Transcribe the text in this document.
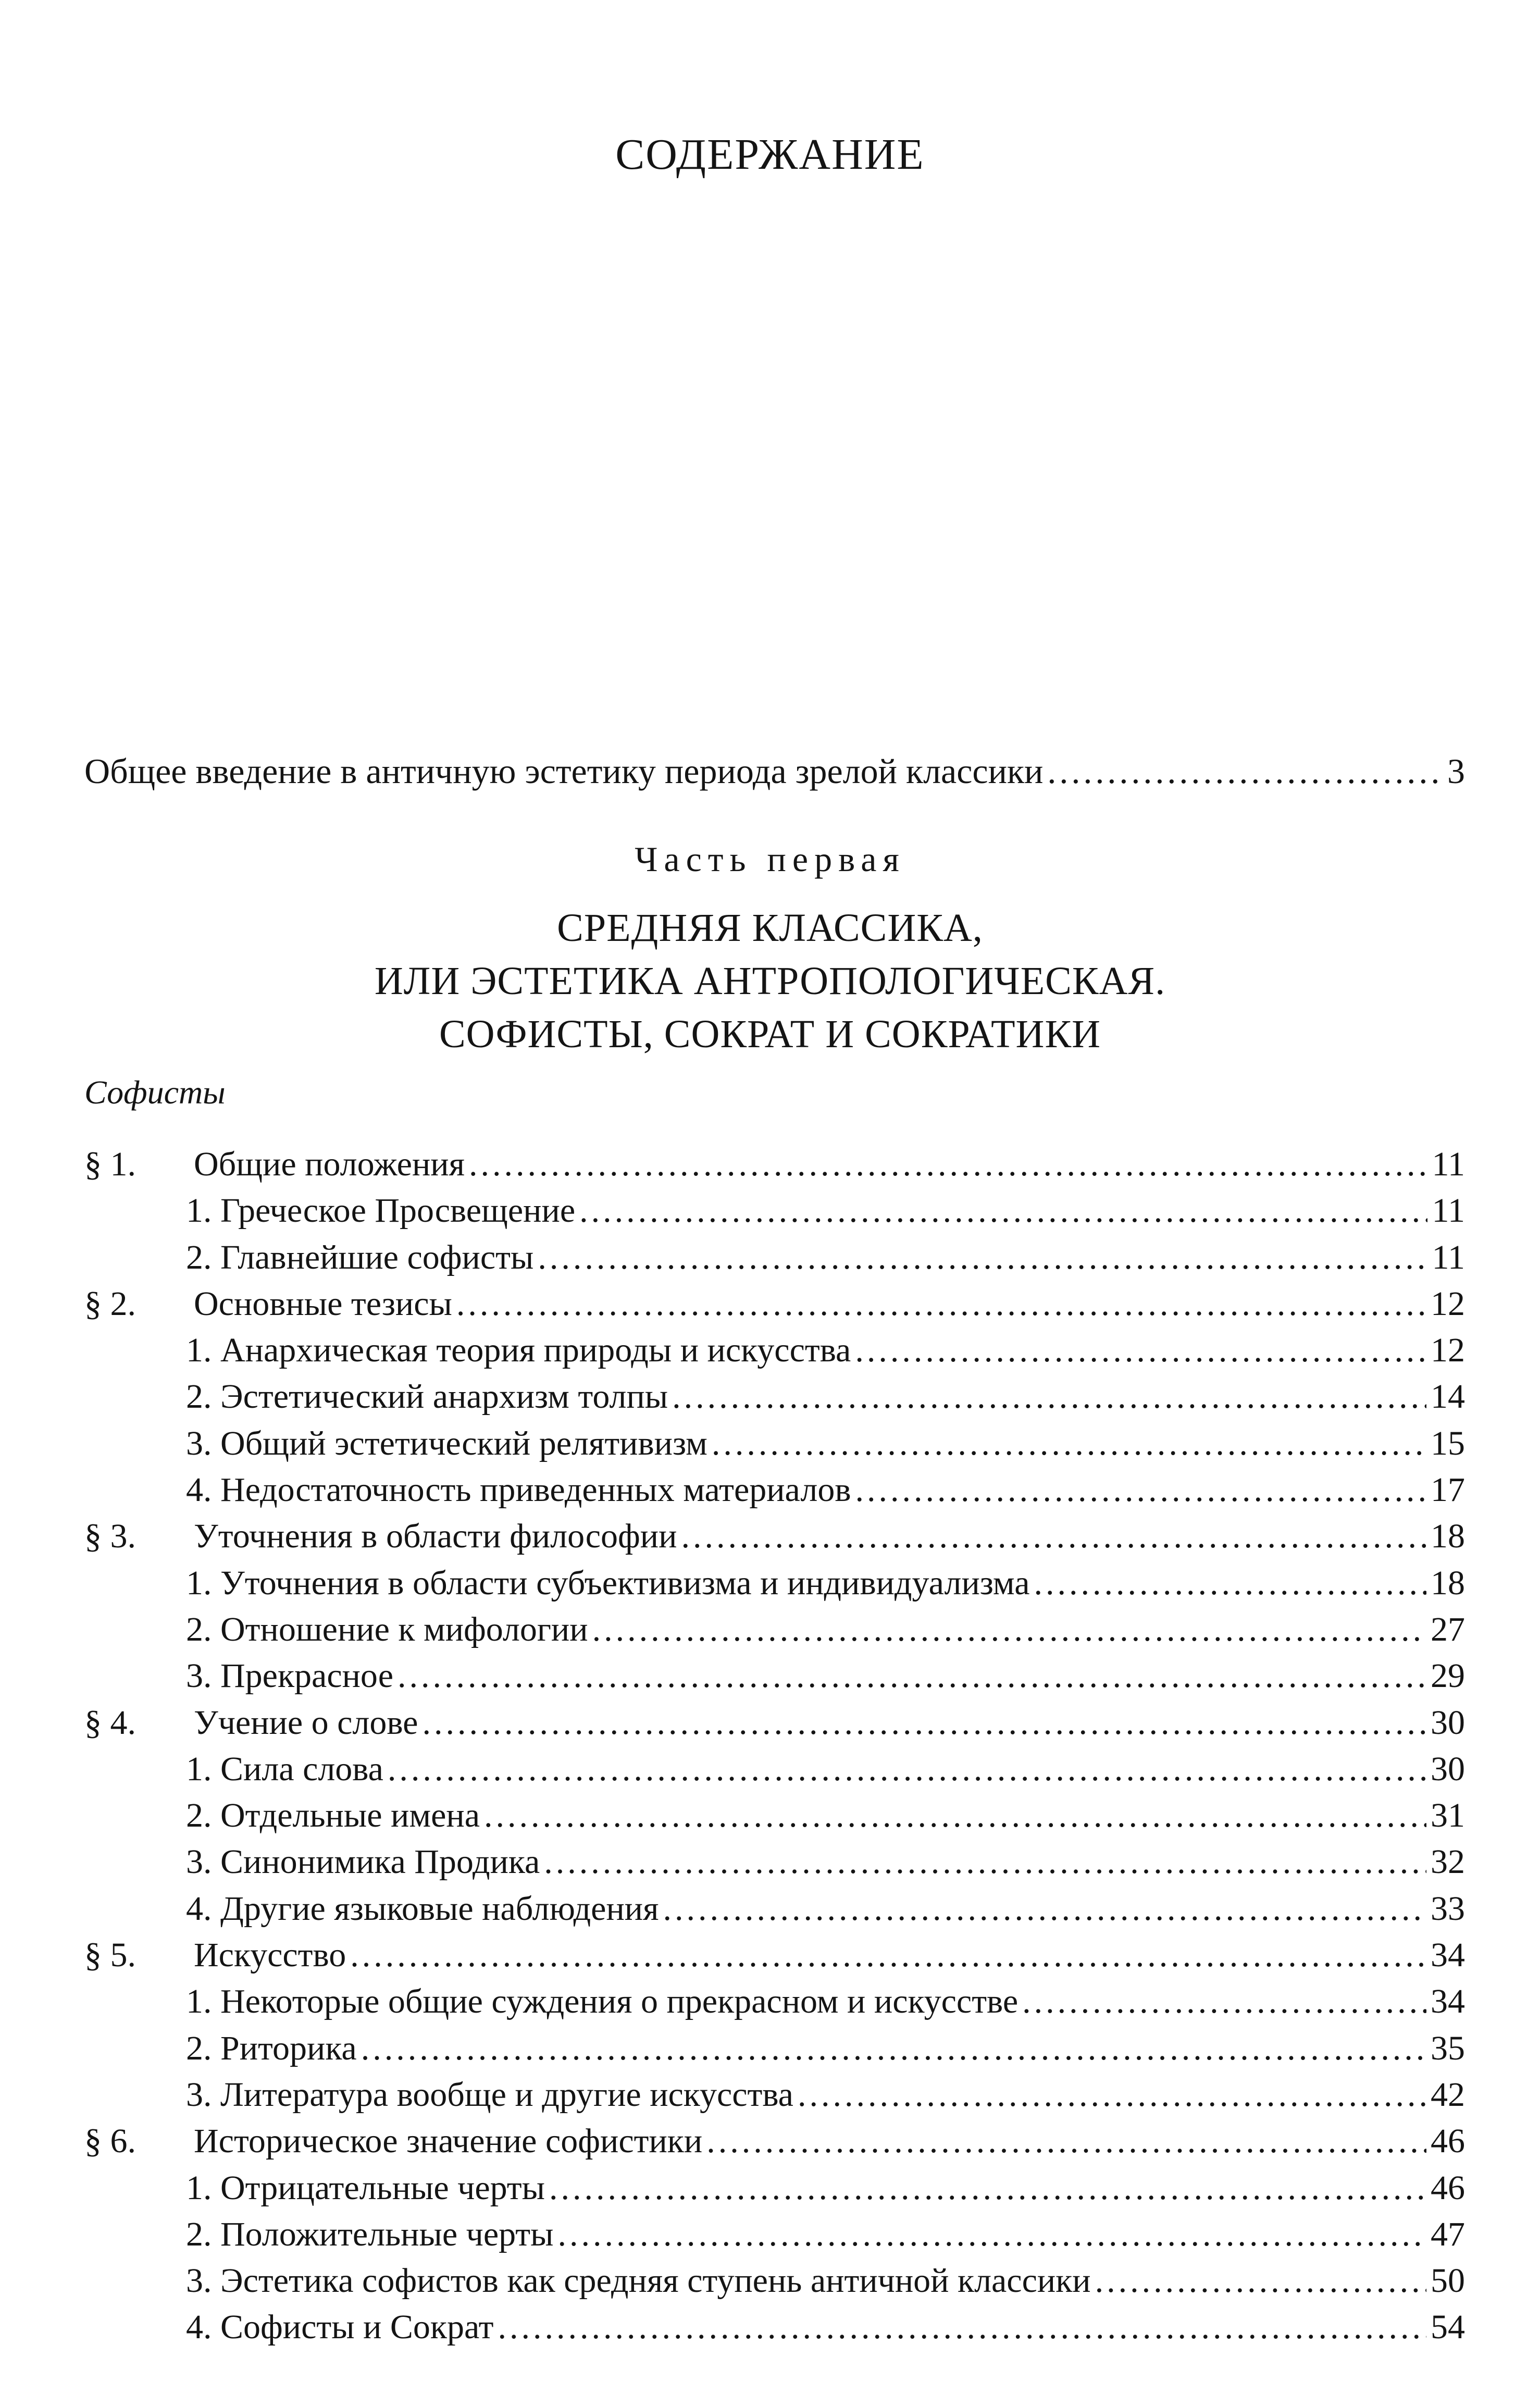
СОДЕРЖАНИЕ
Общее введение в античную эстетику периода зрелой классики .....	3

Часть первая

СРЕДНЯЯ КЛАССИКА,
ИЛИ ЭСТЕТИКА АНТРОПОЛОГИЧЕСКАЯ.
СОФИСТЫ, СОКРАТ И СОКРАТИКИ

Софисты

§ 1. Общие положения .....	11
1. Греческое Просвещение .....	11
2. Главнейшие софисты .....	11
§ 2. Основные тезисы .....	12
1. Анархическая теория природы и искусства .....	12
2. Эстетический анархизм толпы .....	14
3. Общий эстетический релятивизм .....	15
4. Недостаточность приведенных материалов .....	17
§ 3. Уточнения в области философии .....	18
1. Уточнения в области субъективизма и индивидуализма .....	18
2. Отношение к мифологии .....	27
3. Прекрасное .....	29
§ 4. Учение о слове .....	30
1. Сила слова .....	30
2. Отдельные имена .....	31
3. Синонимика Продика .....	32
4. Другие языковые наблюдения .....	33
§ 5. Искусство .....	34
1. Некоторые общие суждения о прекрасном и искусстве .....	34
2. Риторика .....	35
3. Литература вообще и другие искусства .....	42
§ 6. Историческое значение софистики .....	46
1. Отрицательные черты .....	46
2. Положительные черты .....	47
3. Эстетика софистов как средняя ступень античной классики .....	50
4. Софисты и Сократ .....	54
